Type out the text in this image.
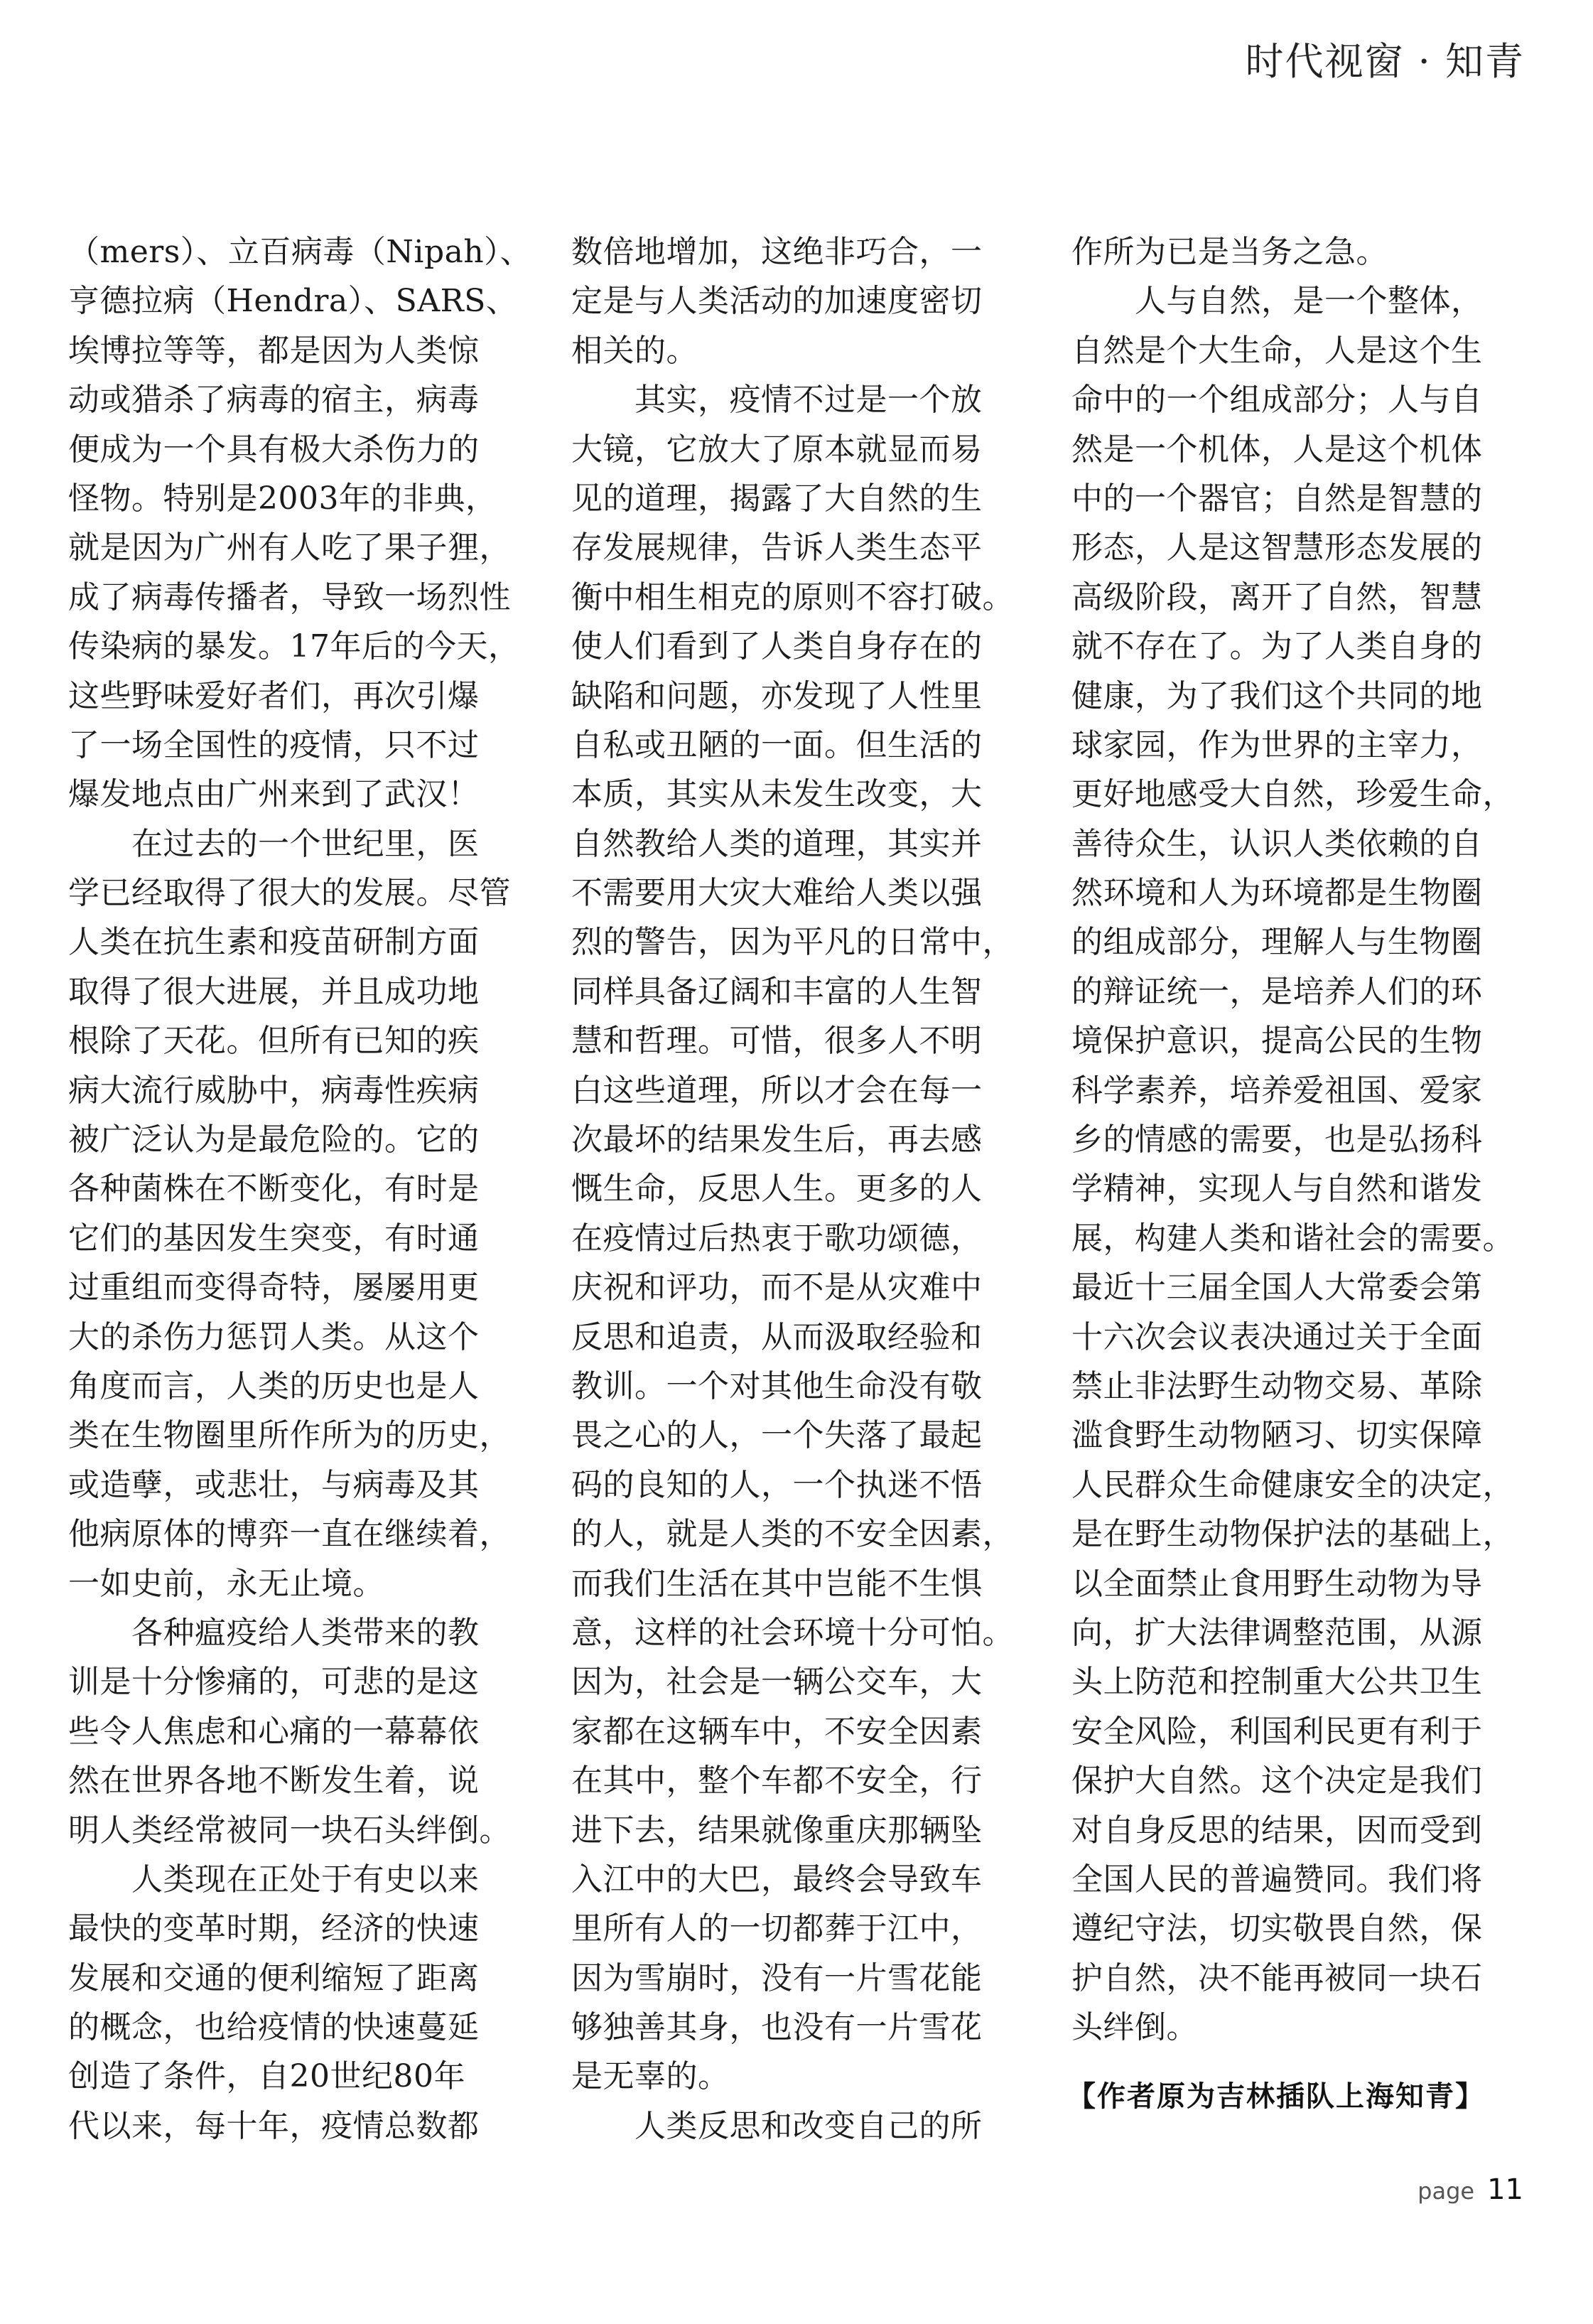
时代视窗 · 知青
（mers）、立百病毒（Nipah）、
亨德拉病（Hendra）、SARS、
埃博拉等等，都是因为人类惊
动或猎杀了病毒的宿主，病毒
便成为一个具有极大杀伤力的
怪物。特别是2003年的非典，
就是因为广州有人吃了果子狸，
成了病毒传播者，导致一场烈性
传染病的暴发。17年后的今天，
这些野味爱好者们，再次引爆
了一场全国性的疫情，只不过
爆发地点由广州来到了武汉！
　　在过去的一个世纪里，医
学已经取得了很大的发展。尽管
人类在抗生素和疫苗研制方面
取得了很大进展，并且成功地
根除了天花。但所有已知的疾
病大流行威胁中，病毒性疾病
被广泛认为是最危险的。它的
各种菌株在不断变化，有时是
它们的基因发生突变，有时通
过重组而变得奇特，屡屡用更
大的杀伤力惩罚人类。从这个
角度而言，人类的历史也是人
类在生物圈里所作所为的历史，
或造孽，或悲壮，与病毒及其
他病原体的博弈一直在继续着，
一如史前，永无止境。
　　各种瘟疫给人类带来的教
训是十分惨痛的，可悲的是这
些令人焦虑和心痛的一幕幕依
然在世界各地不断发生着，说
明人类经常被同一块石头绊倒。
　　人类现在正处于有史以来
最快的变革时期，经济的快速
发展和交通的便利缩短了距离
的概念，也给疫情的快速蔓延
创造了条件，自20世纪80年
代以来，每十年，疫情总数都
数倍地增加，这绝非巧合，一
定是与人类活动的加速度密切
相关的。
　　其实，疫情不过是一个放
大镜，它放大了原本就显而易
见的道理，揭露了大自然的生
存发展规律，告诉人类生态平
衡中相生相克的原则不容打破。
使人们看到了人类自身存在的
缺陷和问题，亦发现了人性里
自私或丑陋的一面。但生活的
本质，其实从未发生改变，大
自然教给人类的道理，其实并
不需要用大灾大难给人类以强
烈的警告，因为平凡的日常中，
同样具备辽阔和丰富的人生智
慧和哲理。可惜，很多人不明
白这些道理，所以才会在每一
次最坏的结果发生后，再去感
慨生命，反思人生。更多的人
在疫情过后热衷于歌功颂德，
庆祝和评功，而不是从灾难中
反思和追责，从而汲取经验和
教训。一个对其他生命没有敬
畏之心的人，一个失落了最起
码的良知的人，一个执迷不悟
的人，就是人类的不安全因素，
而我们生活在其中岂能不生惧
意，这样的社会环境十分可怕。
因为，社会是一辆公交车，大
家都在这辆车中，不安全因素
在其中，整个车都不安全，行
进下去，结果就像重庆那辆坠
入江中的大巴，最终会导致车
里所有人的一切都葬于江中，
因为雪崩时，没有一片雪花能
够独善其身，也没有一片雪花
是无辜的。
　　人类反思和改变自己的所
作所为已是当务之急。
　　人与自然，是一个整体，
自然是个大生命，人是这个生
命中的一个组成部分；人与自
然是一个机体，人是这个机体
中的一个器官；自然是智慧的
形态，人是这智慧形态发展的
高级阶段，离开了自然，智慧
就不存在了。为了人类自身的
健康，为了我们这个共同的地
球家园，作为世界的主宰力，
更好地感受大自然，珍爱生命，
善待众生，认识人类依赖的自
然环境和人为环境都是生物圈
的组成部分，理解人与生物圈
的辩证统一，是培养人们的环
境保护意识，提高公民的生物
科学素养，培养爱祖国、爱家
乡的情感的需要，也是弘扬科
学精神，实现人与自然和谐发
展，构建人类和谐社会的需要。
最近十三届全国人大常委会第
十六次会议表决通过关于全面
禁止非法野生动物交易、革除
滥食野生动物陋习、切实保障
人民群众生命健康安全的决定，
是在野生动物保护法的基础上，
以全面禁止食用野生动物为导
向，扩大法律调整范围，从源
头上防范和控制重大公共卫生
安全风险，利国利民更有利于
保护大自然。这个决定是我们
对自身反思的结果，因而受到
全国人民的普遍赞同。我们将
遵纪守法，切实敬畏自然，保
护自然，决不能再被同一块石
头绊倒。
【作者原为吉林插队上海知青】
page 11
